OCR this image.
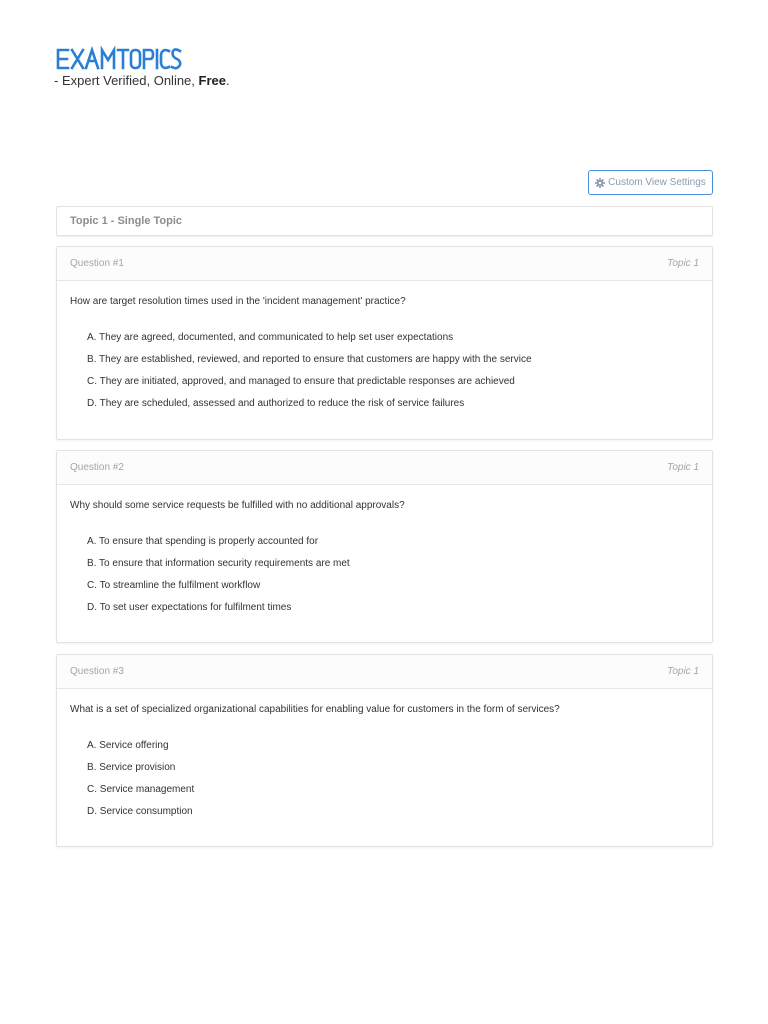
- Expert Verified, Online, Free.
Custom View Settings
Topic 1 - Single Topic
Question #1	Topic 1

How are target resolution times used in the 'incident management' practice?

A. They are agreed, documented, and communicated to help set user expectations
B. They are established, reviewed, and reported to ensure that customers are happy with the service
C. They are initiated, approved, and managed to ensure that predictable responses are achieved
D. They are scheduled, assessed and authorized to reduce the risk of service failures
Question #2	Topic 1

Why should some service requests be fulfilled with no additional approvals?

A. To ensure that spending is properly accounted for
B. To ensure that information security requirements are met
C. To streamline the fulfilment workflow
D. To set user expectations for fulfilment times
Question #3	Topic 1

What is a set of specialized organizational capabilities for enabling value for customers in the form of services?

A. Service offering
B. Service provision
C. Service management
D. Service consumption
